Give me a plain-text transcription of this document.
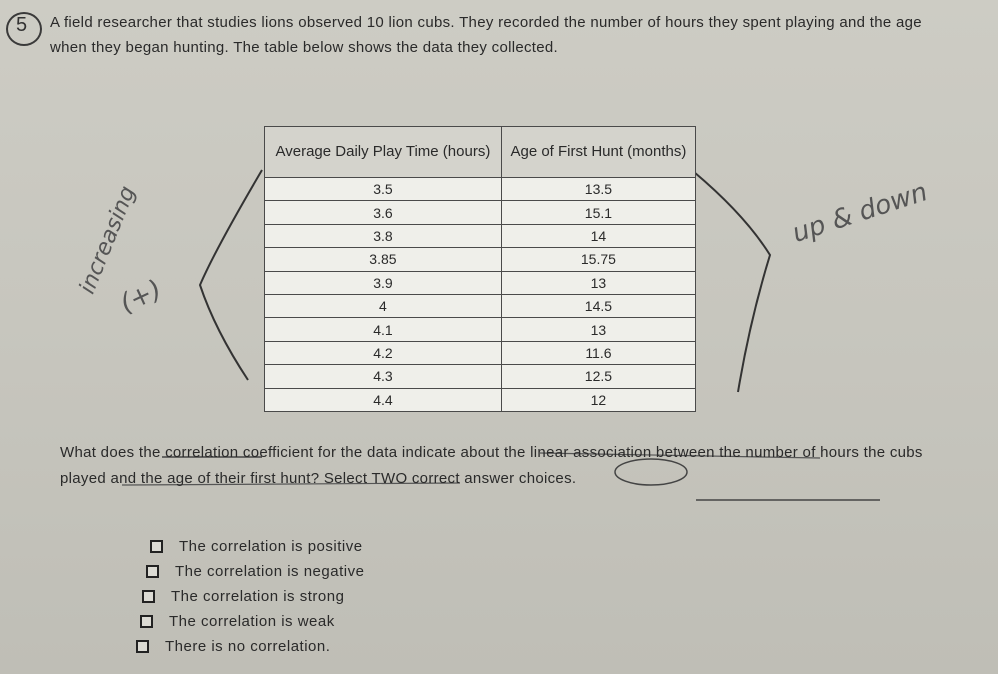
5 A field researcher that studies lions observed 10 lion cubs. They recorded the number of hours they spent playing and the age when they began hunting. The table below shows the data they collected.
increasing
(+)
up & down
Average Daily Play Time (hours)	Age of First Hunt (months)
3.5	13.5
3.6	15.1
3.8	14
3.85	15.75
3.9	13
4	14.5
4.1	13
4.2	11.6
4.3	12.5
4.4	12
What does the correlation coefficient for the data indicate about the linear association between the number of hours the cubs played and the age of their first hunt? Select TWO correct answer choices.
The correlation is positive
The correlation is negative
The correlation is strong
The correlation is weak
There is no correlation.
